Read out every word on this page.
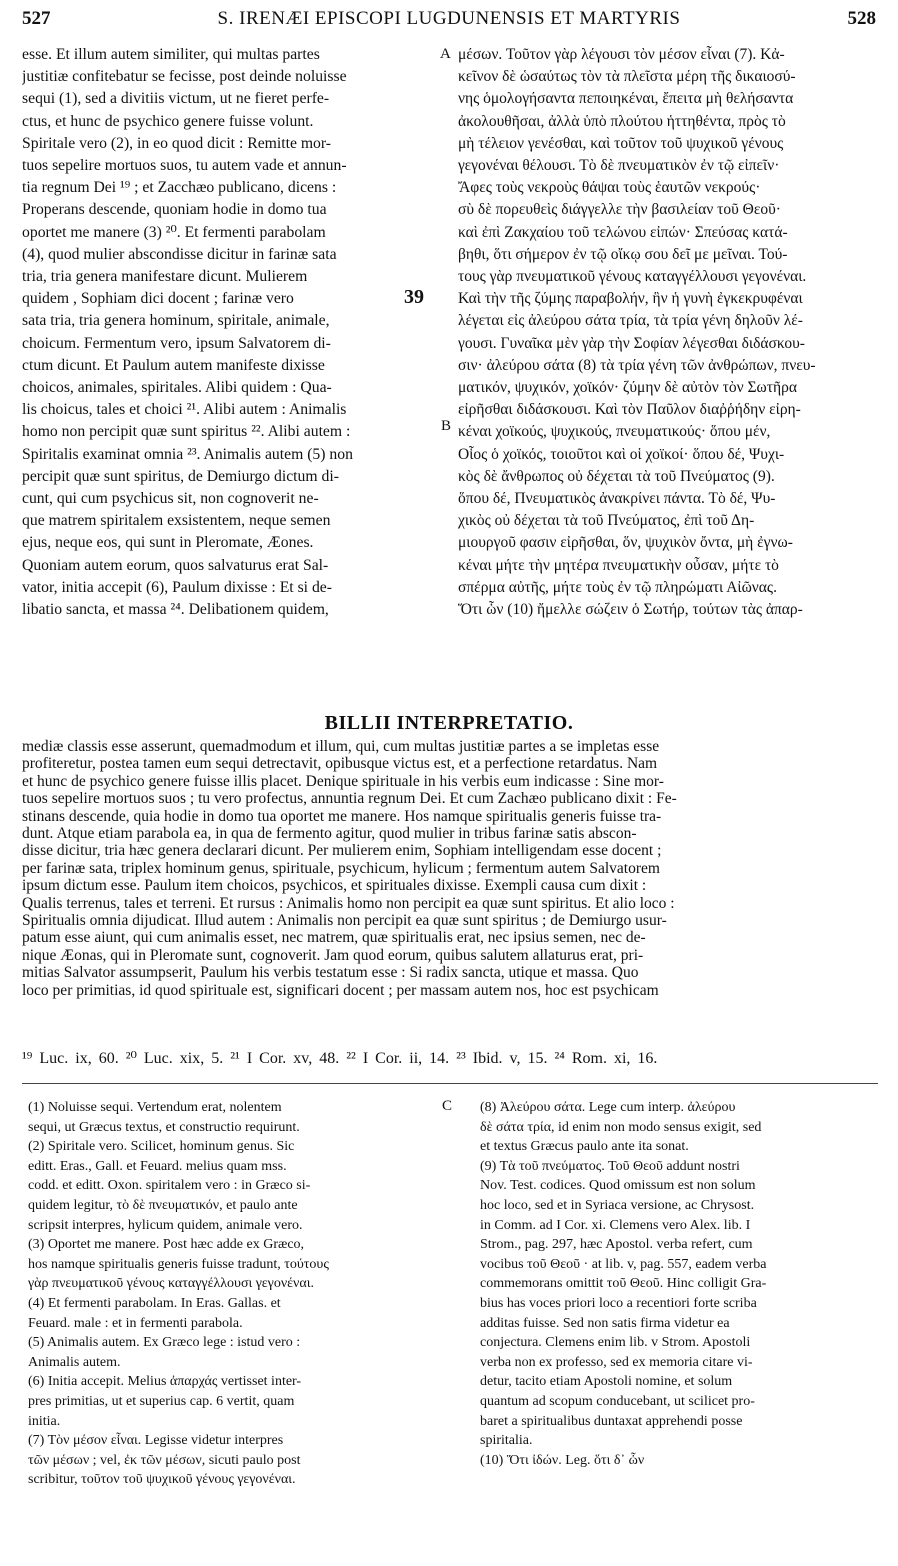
527	S. IRENÆI EPISCOPI LUGDUNENSIS ET MARTYRIS	528
esse. Et illum autem similiter, qui multas partes
justitiæ confitebatur se fecisse, post deinde noluisse
sequi (1), sed a divitiis victum, ut ne fieret perfe-
ctus, et hunc de psychico genere fuisse volunt.
Spiritale vero (2), in eo quod dicit : Remitte mor-
tuos sepelire mortuos suos, tu autem vade et annun-
tia regnum Dei ¹⁹ ; et Zacchæo publicano, dicens :
Properans descende, quoniam hodie in domo tua
oportet me manere (3) ²⁰. Et fermenti parabolam
(4), quod mulier abscondisse dicitur in farinæ sata
tria, tria genera manifestare dicunt. Mulierem
quidem , Sophiam dici docent ; farinæ vero
sata tria, tria genera hominum, spiritale, animale,
choicum. Fermentum vero, ipsum Salvatorem di-
ctum dicunt. Et Paulum autem manifeste dixisse
choicos, animales, spiritales. Alibi quidem : Qua-
lis choicus, tales et choici ²¹. Alibi autem : Animalis
homo non percipit quæ sunt spiritus ²². Alibi autem :
Spiritalis examinat omnia ²³. Animalis autem (5) non
percipit quæ sunt spiritus, de Demiurgo dictum di-
cunt, qui cum psychicus sit, non cognoverit ne-
que matrem spiritalem exsistentem, neque semen
ejus, neque eos, qui sunt in Pleromate, Æones.
Quoniam autem eorum, quos salvaturus erat Sal-
vator, initia accepit (6), Paulum dixisse : Et si de-
libatio sancta, et massa ²⁴. Delibationem quidem,
A
B
39
μέσων. Τοῦτον γὰρ λέγουσι τὸν μέσον εἶναι (7). Κἀ-
κεῖνον δὲ ὡσαύτως τὸν τὰ πλεῖστα μέρη τῆς δικαιοσύ-
νης ὁμολογήσαντα πεποιηκέναι, ἔπειτα μὴ θελήσαντα
ἀκολουθῆσαι, ἀλλὰ ὑπὸ πλούτου ἡττηθέντα, πρὸς τὸ
μὴ τέλειον γενέσθαι, καὶ τοῦτον τοῦ ψυχικοῦ γένους
γεγονέναι θέλουσι. Τὸ δὲ πνευματικὸν ἐν τῷ εἰπεῖν·
Ἄφες τοὺς νεκροὺς θάψαι τοὺς ἑαυτῶν νεκρούς·
σὺ δὲ πορευθεὶς διάγγελλε τὴν βασιλείαν τοῦ Θεοῦ·
καὶ ἐπὶ Ζακχαίου τοῦ τελώνου εἰπών· Σπεύσας κατά-
βηθι, ὅτι σήμερον ἐν τῷ οἴκῳ σου δεῖ με μεῖναι. Τού-
τους γὰρ πνευματικοῦ γένους καταγγέλλουσι γεγονέναι.
Καὶ τὴν τῆς ζύμης παραβολήν, ἣν ἡ γυνὴ ἐγκεκρυφέναι
λέγεται εἰς ἀλεύρου σάτα τρία, τὰ τρία γένη δηλοῦν λέ-
γουσι. Γυναῖκα μὲν γὰρ τὴν Σοφίαν λέγεσθαι διδάσκου-
σιν· ἀλεύρου σάτα (8) τὰ τρία γένη τῶν ἀνθρώπων, πνευ-
ματικόν, ψυχικόν, χοϊκόν· ζύμην δὲ αὐτὸν τὸν Σωτῆρα
εἰρῆσθαι διδάσκουσι. Καὶ τὸν Παῦλον διαῤῥήδην εἰρη-
κέναι χοϊκούς, ψυχικούς, πνευματικούς· ὅπου μέν,
Οἷος ὁ χοϊκός, τοιοῦτοι καὶ οἱ χοϊκοί· ὅπου δέ, Ψυχι-
κὸς δὲ ἄνθρωπος οὐ δέχεται τὰ τοῦ Πνεύματος (9).
ὅπου δέ, Πνευματικὸς ἀνακρίνει πάντα. Τὸ δέ, Ψυ-
χικὸς οὐ δέχεται τὰ τοῦ Πνεύματος, ἐπὶ τοῦ Δη-
μιουργοῦ φασιν εἰρῆσθαι, ὅν, ψυχικὸν ὄντα, μὴ ἐγνω-
κέναι μήτε τὴν μητέρα πνευματικὴν οὖσαν, μήτε τὸ
σπέρμα αὐτῆς, μήτε τοὺς ἐν τῷ πληρώματι Αἰῶνας.
Ὅτι ὧν (10) ἤμελλε σώζειν ὁ Σωτήρ, τούτων τὰς ἀπαρ-
BILLII INTERPRETATIO.
mediæ classis esse asserunt, quemadmodum et illum, qui, cum multas justitiæ partes a se impletas esse
profiteretur, postea tamen eum sequi detrectavit, opibusque victus est, et a perfectione retardatus. Nam
et hunc de psychico genere fuisse illis placet. Denique spirituale in his verbis eum indicasse : Sine mor-
tuos sepelire mortuos suos ; tu vero profectus, annuntia regnum Dei. Et cum Zachæo publicano dixit : Fe-
stinans descende, quia hodie in domo tua oportet me manere. Hos namque spiritualis generis fuisse tra-
dunt. Atque etiam parabola ea, in qua de fermento agitur, quod mulier in tribus farinæ satis abscon-
disse dicitur, tria hæc genera declarari dicunt. Per mulierem enim, Sophiam intelligendam esse docent ;
per farinæ sata, triplex hominum genus, spirituale, psychicum, hylicum ; fermentum autem Salvatorem
ipsum dictum esse. Paulum item choicos, psychicos, et spirituales dixisse. Exempli causa cum dixit :
Qualis terrenus, tales et terreni. Et rursus : Animalis homo non percipit ea quæ sunt spiritus. Et alio loco :
Spiritualis omnia dijudicat. Illud autem : Animalis non percipit ea quæ sunt spiritus ; de Demiurgo usur-
patum esse aiunt, qui cum animalis esset, nec matrem, quæ spiritualis erat, nec ipsius semen, nec de-
nique Æonas, qui in Pleromate sunt, cognoverit. Jam quod eorum, quibus salutem allaturus erat, pri-
mitias Salvator assumpserit, Paulum his verbis testatum esse : Si radix sancta, utique et massa. Quo
loco per primitias, id quod spirituale est, significari docent ; per massam autem nos, hoc est psychicam
¹⁹ Luc. ix, 60. ²⁰ Luc. xix, 5. ²¹ I Cor. xv, 48. ²² I Cor. ii, 14. ²³ Ibid. v, 15. ²⁴ Rom. xi, 16.
(1) Noluisse sequi. Vertendum erat, nolentem
sequi, ut Græcus textus, et constructio requirunt.
(2) Spiritale vero. Scilicet, hominum genus. Sic
editt. Eras., Gall. et Feuard. melius quam mss.
codd. et editt. Oxon. spiritalem vero : in Græco si-
quidem legitur, τὸ δὲ πνευματικόν, et paulo ante
scripsit interpres, hylicum quidem, animale vero.
(3) Oportet me manere. Post hæc adde ex Græco,
hos namque spiritualis generis fuisse tradunt, τούτους
γὰρ πνευματικοῦ γένους καταγγέλλουσι γεγονέναι.
(4) Et fermenti parabolam. In Eras. Gallas. et
Feuard. male : et in fermenti parabola.
(5) Animalis autem. Ex Græco lege : istud vero :
Animalis autem.
(6) Initia accepit. Melius ἀπαρχάς vertisset inter-
pres primitias, ut et superius cap. 6 vertit, quam
initia.
(7) Τὸν μέσον εἶναι. Legisse videtur interpres
τῶν μέσων ; vel, ἐκ τῶν μέσων, sicuti paulo post
scribitur, τοῦτον τοῦ ψυχικοῦ γένους γεγονέναι.
C (8) Ἀλεύρου σάτα. Lege cum interp. ἀλεύρου
δὲ σάτα τρία, id enim non modo sensus exigit, sed
et textus Græcus paulo ante ita sonat.
(9) Τὰ τοῦ πνεύματος. Τοῦ Θεοῦ addunt nostri
Nov. Test. codices. Quod omissum est non solum
hoc loco, sed et in Syriaca versione, ac Chrysost.
in Comm. ad I Cor. xi. Clemens vero Alex. lib. I
Strom., pag. 297, hæc Apostol. verba refert, cum
vocibus τοῦ Θεοῦ · at lib. v, pag. 557, eadem verba
commemorans omittit τοῦ Θεοῦ. Hinc colligit Gra-
bius has voces priori loco a recentiori forte scriba
additas fuisse. Sed non satis firma videtur ea
conjectura. Clemens enim lib. v Strom. Apostoli
verba non ex professo, sed ex memoria citare vi-
detur, tacito etiam Apostoli nomine, et solum
quantum ad scopum conducebant, ut scilicet pro-
baret a spiritualibus duntaxat apprehendi posse
spiritalia.
(10) Ὅτι ἰδών. Leg. ὅτι δ᾽ ὧν
